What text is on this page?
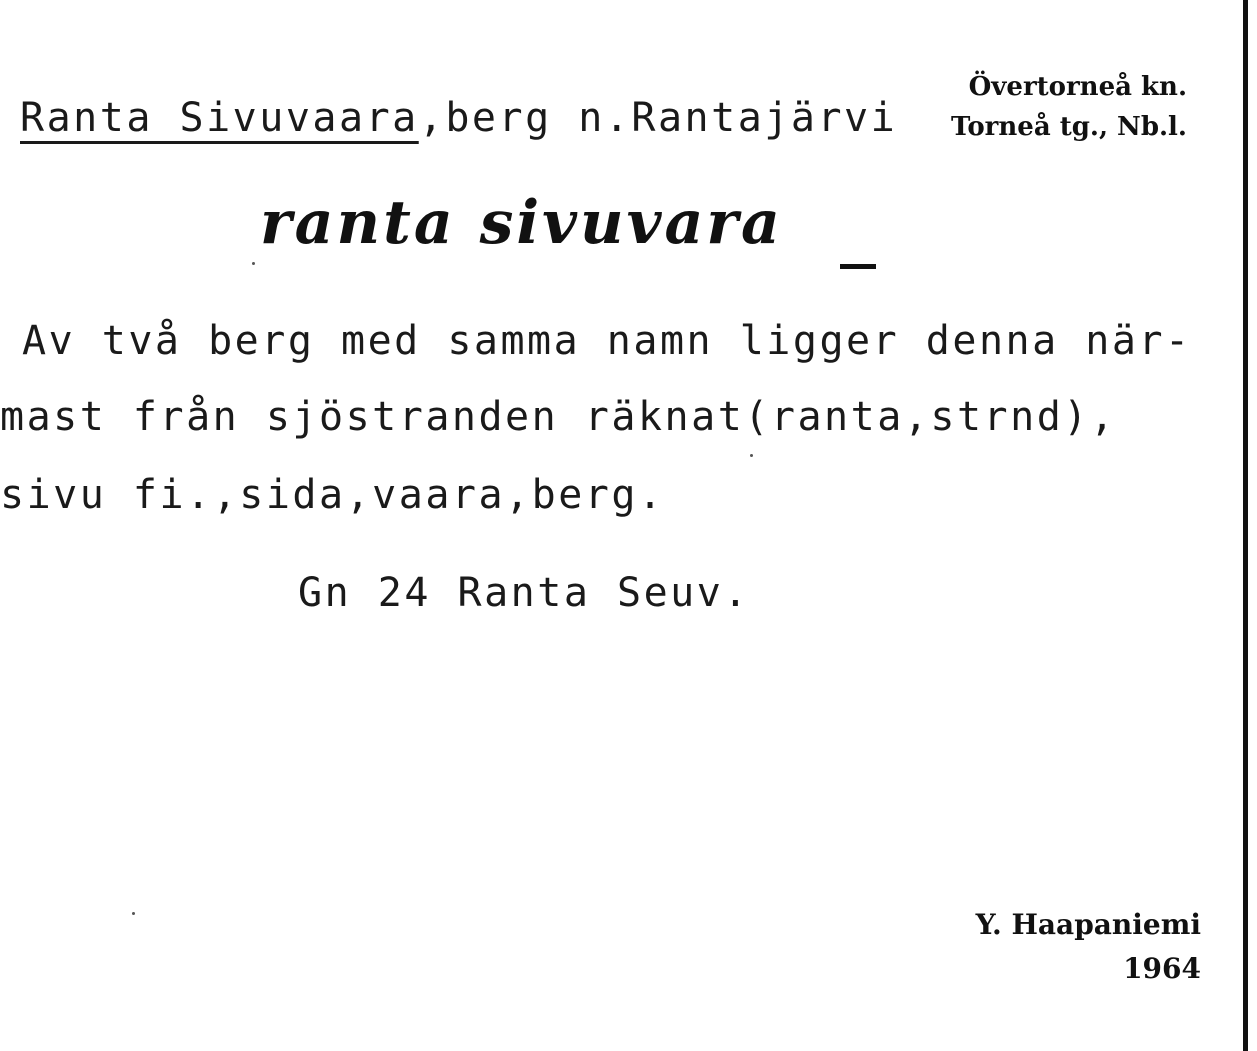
Ranta Sivuvaara,berg n.Rantajärvi
Övertorneå kn.
Torneå tg., Nb.l.
ranta sivuvara
Av två berg med samma namn ligger denna när-
mast från sjöstranden räknat(ranta,strnd),
sivu fi.,sida,vaara,berg.
Gn 24 Ranta Seuv.
Y. Haapaniemi
1964
